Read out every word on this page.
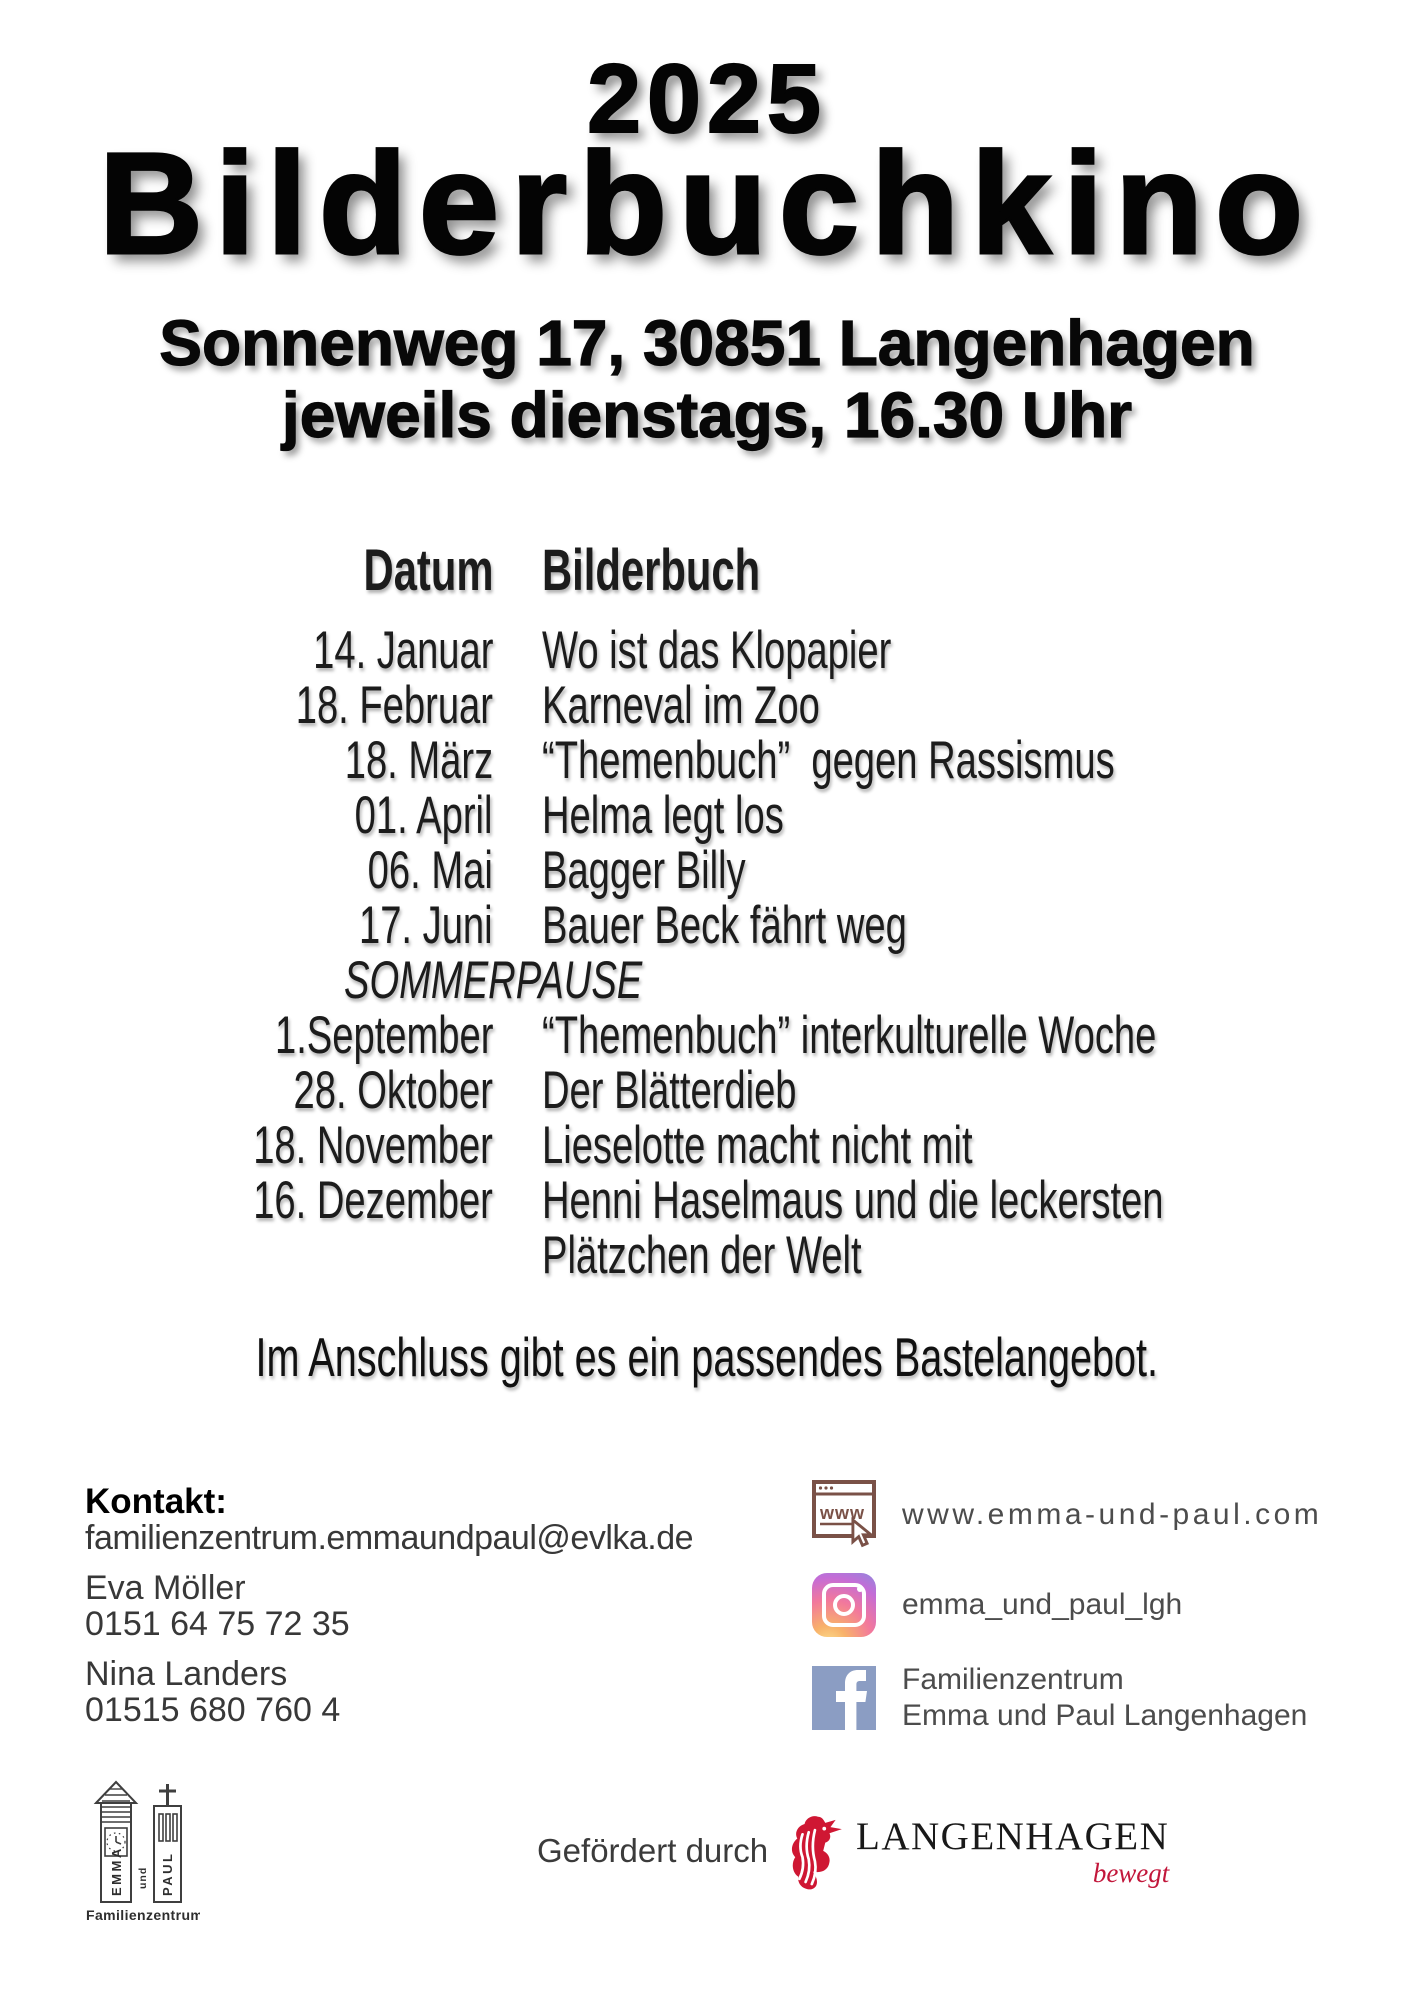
2025
Bilderbuchkino
Sonnenweg 17, 30851 Langenhagen
jeweils dienstags, 16.30 Uhr
Datum Bilderbuch
14. Januar Wo ist das Klopapier
18. Februar Karneval im Zoo
18. März “Themenbuch”  gegen Rassismus
01. April Helma legt los
06. Mai Bagger Billy
17. Juni Bauer Beck fährt weg
SOMMERPAUSE
1.September “Themenbuch” interkulturelle Woche
28. Oktober Der Blätterdieb
18. November Lieselotte macht nicht mit
16. Dezember Henni Haselmaus und die leckersten
Plätzchen der Welt
Im Anschluss gibt es ein passendes Bastelangebot.

Kontakt:

familienzentrum.emmaundpaul@evlka.de

Eva Möller

0151 64 75 72 35

Nina Landers

01515 680 760 4

www www.emma-und-paul.com
emma_und_paul_lgh
Familienzentrum
Emma und Paul Langenhagen
EMMA und PAUL
Familienzentrum
Gefördert durch LANGENHAGEN
bewegt
